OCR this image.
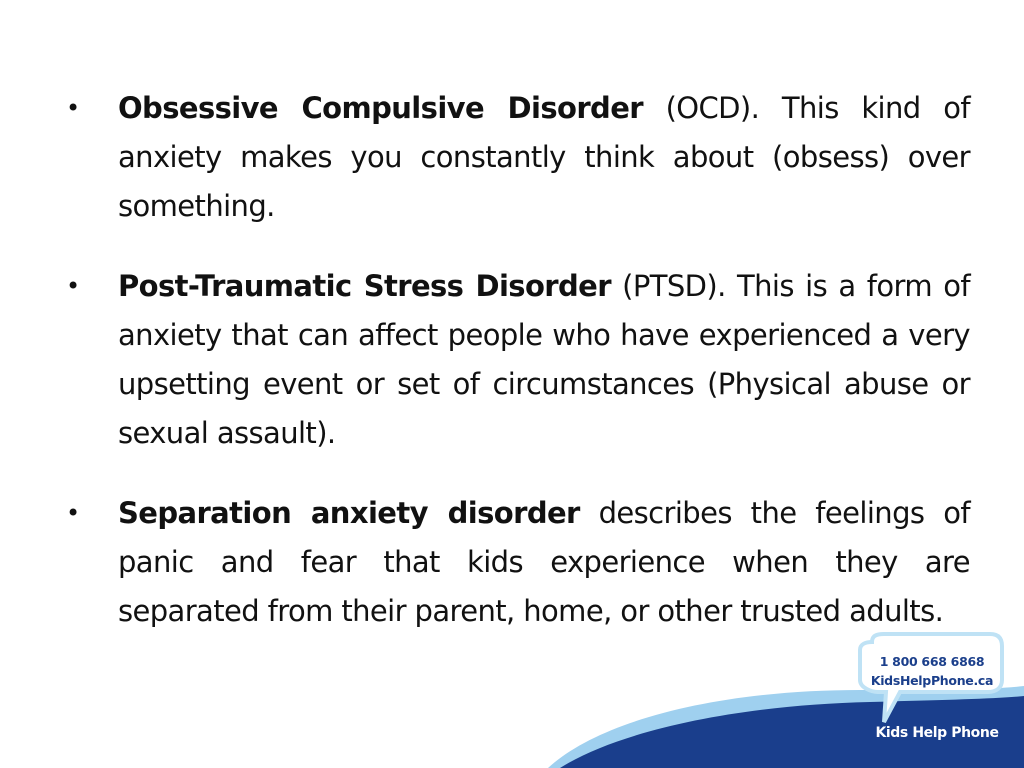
• Obsessive Compulsive Disorder (OCD). This kind of anxiety makes you constantly think about (obsess) over something.
• Post-Traumatic Stress Disorder (PTSD). This is a form of anxiety that can affect people who have experienced a very upsetting event or set of circumstances (Physical abuse or sexual assault).
• Separation anxiety disorder describes the feelings of panic and fear that kids experience when they are separated from their parent, home, or other trusted adults.
1 800 668 6868
KidsHelpPhone.ca
Kids Help Phone
